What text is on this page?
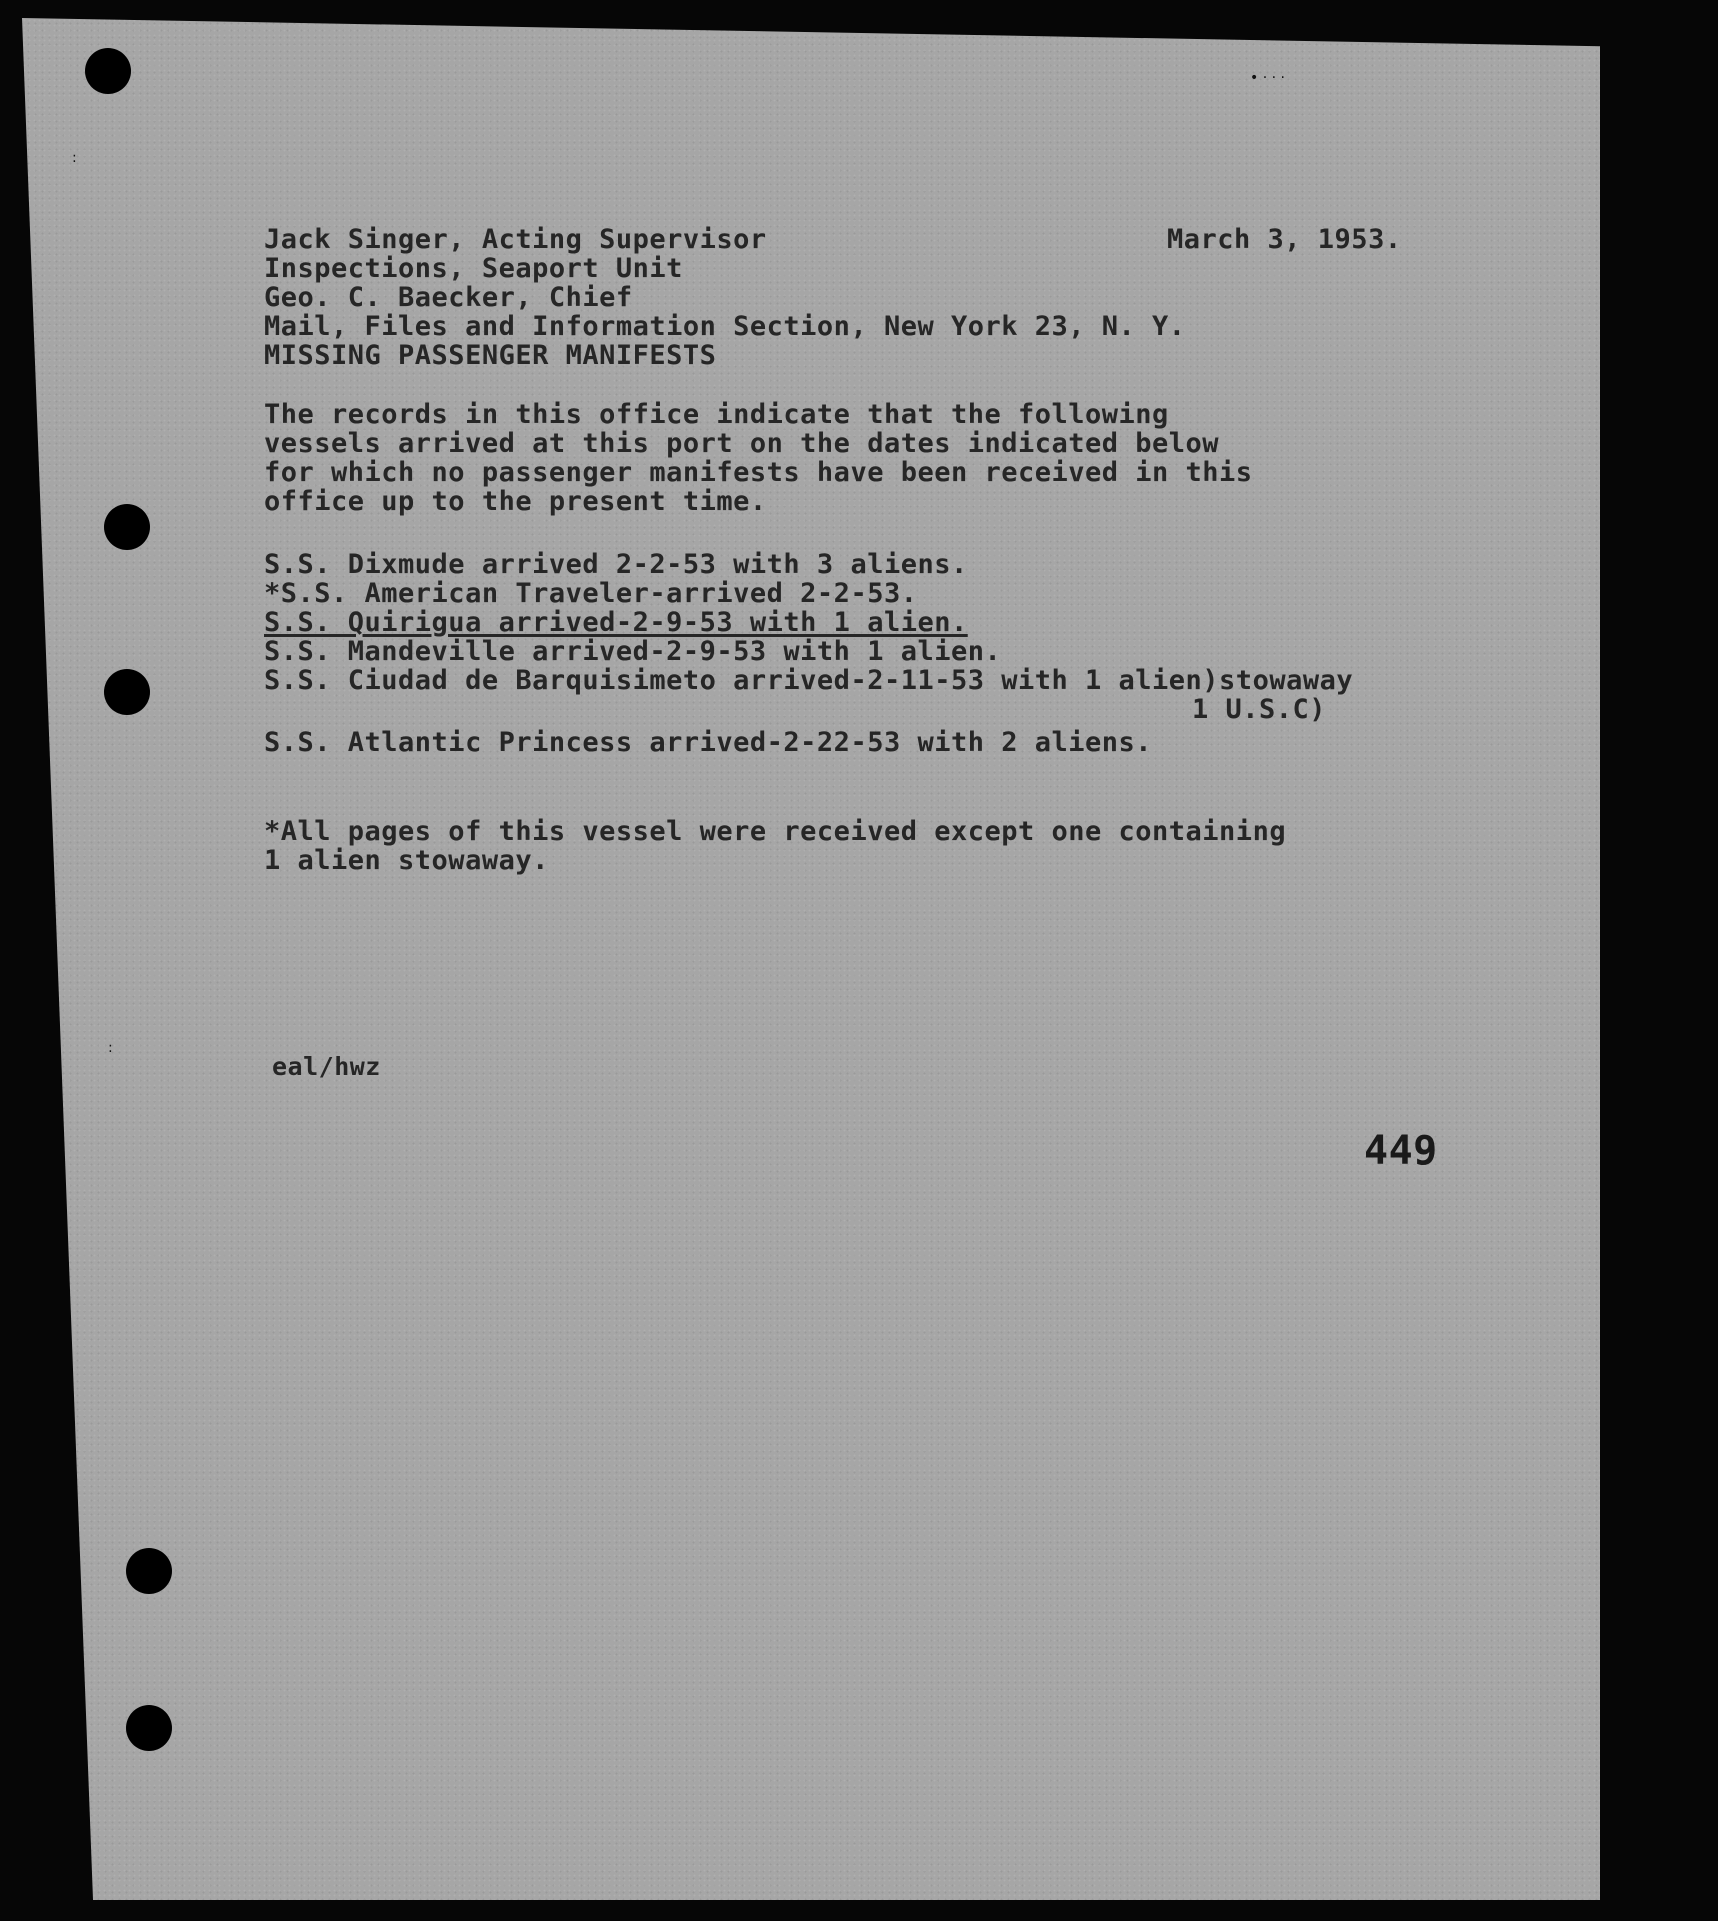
• · · ·
:
:

March 3, 1953.

Jack Singer, Acting Supervisor
Inspections, Seaport Unit
Geo. C. Baecker, Chief
Mail, Files and Information Section, New York 23, N. Y.
MISSING PASSENGER MANIFESTS
The records in this office indicate that the following
vessels arrived at this port on the dates indicated below
for which no passenger manifests have been received in this
office up to the present time.
S.S. Dixmude arrived 2-2-53 with 3 aliens.
*S.S. American Traveler-arrived 2-2-53.
S.S. Quirigua arrived-2-9-53 with 1 alien.
S.S. Mandeville arrived-2-9-53 with 1 alien.
S.S. Ciudad de Barquisimeto arrived-2-11-53 with 1 alien)stowaway
1 U.S.C)
S.S. Atlantic Princess arrived-2-22-53 with 2 aliens.
*All pages of this vessel were received except one containing
1 alien stowaway.

eal/hwz

449
